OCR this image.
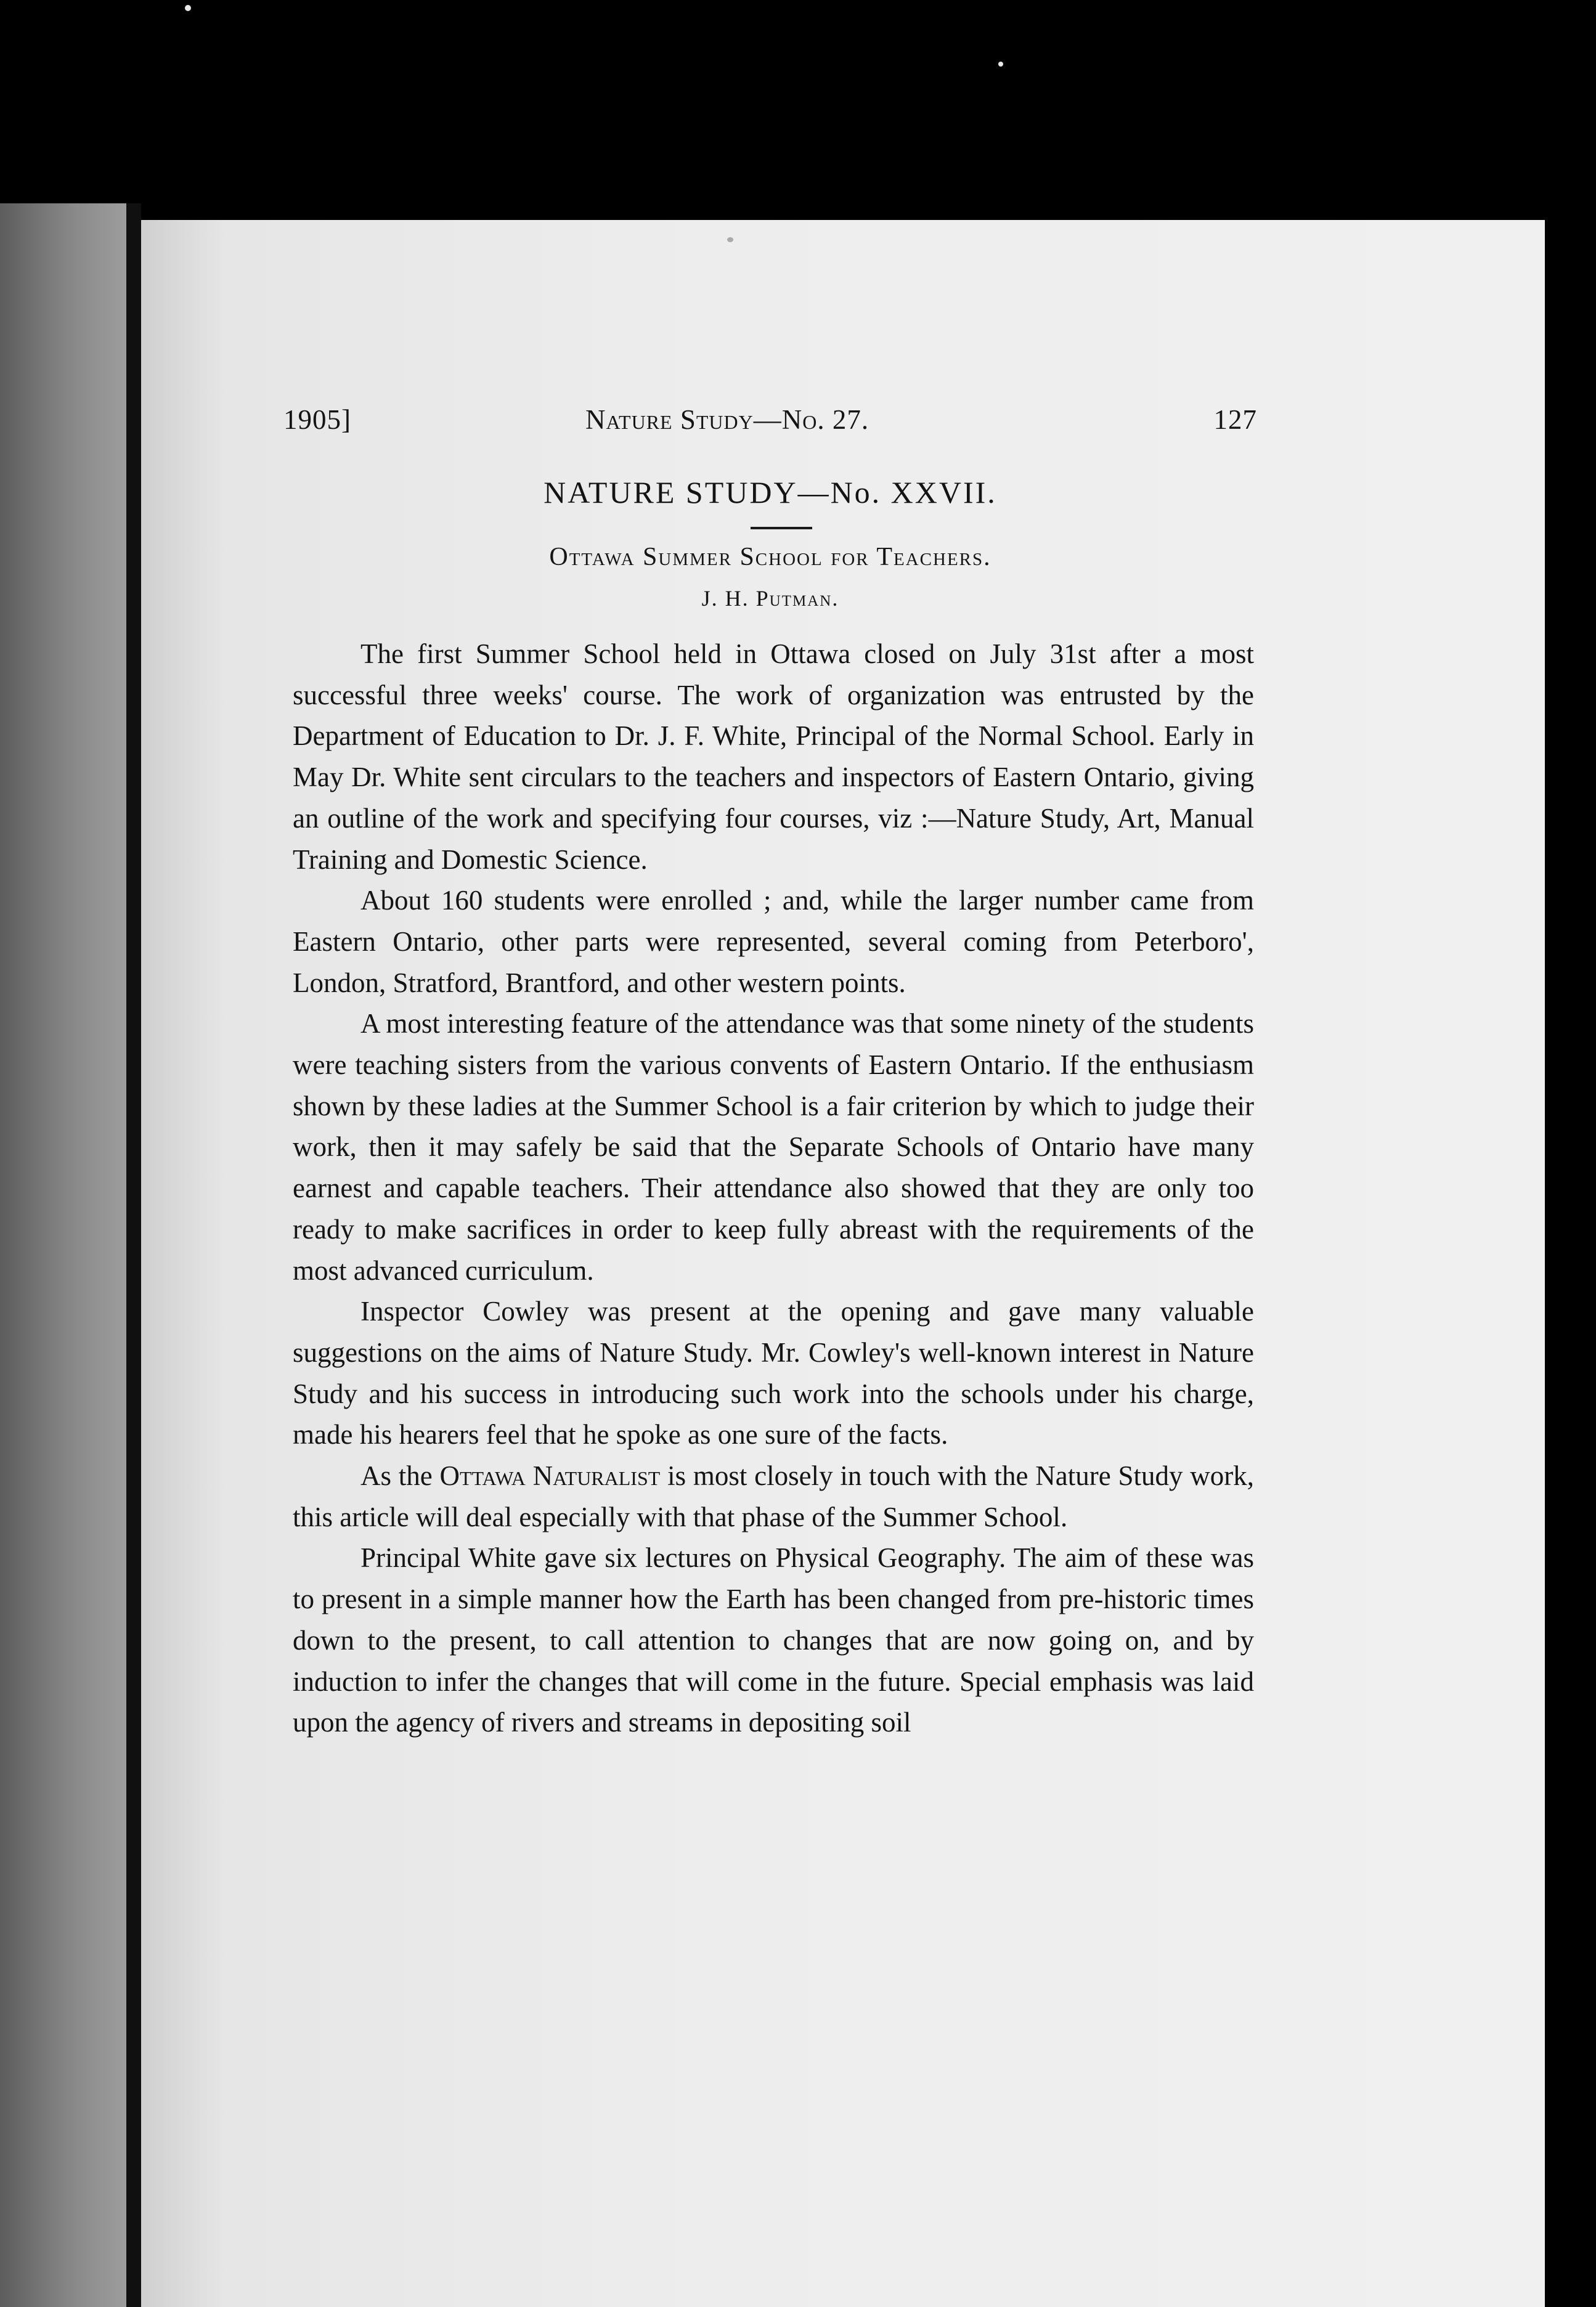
1905]	Nature Study—No. 27.	127
NATURE STUDY—No. XXVII.
Ottawa Summer School for Teachers.
J. H. Putman.

The first Summer School held in Ottawa closed on July 31st after a most successful three weeks' course. The work of organization was entrusted by the Department of Education to Dr. J. F. White, Principal of the Normal School. Early in May Dr. White sent circulars to the teachers and inspectors of Eastern Ontario, giving an outline of the work and specifying four courses, viz :—Nature Study, Art, Manual Training and Domestic Science.

About 160 students were enrolled ; and, while the larger number came from Eastern Ontario, other parts were represented, several coming from Peterboro', London, Stratford, Brantford, and other western points.

A most interesting feature of the attendance was that some ninety of the students were teaching sisters from the various convents of Eastern Ontario. If the enthusiasm shown by these ladies at the Summer School is a fair criterion by which to judge their work, then it may safely be said that the Separate Schools of Ontario have many earnest and capable teachers. Their attendance also showed that they are only too ready to make sacrifices in order to keep fully abreast with the requirements of the most advanced curriculum.

Inspector Cowley was present at the opening and gave many valuable suggestions on the aims of Nature Study. Mr. Cowley's well-known interest in Nature Study and his success in introducing such work into the schools under his charge, made his hearers feel that he spoke as one sure of the facts.

As the Ottawa Naturalist is most closely in touch with the Nature Study work, this article will deal especially with that phase of the Summer School.

Principal White gave six lectures on Physical Geography. The aim of these was to present in a simple manner how the Earth has been changed from pre-historic times down to the present, to call attention to changes that are now going on, and by induction to infer the changes that will come in the future. Special emphasis was laid upon the agency of rivers and streams in depositing soil
